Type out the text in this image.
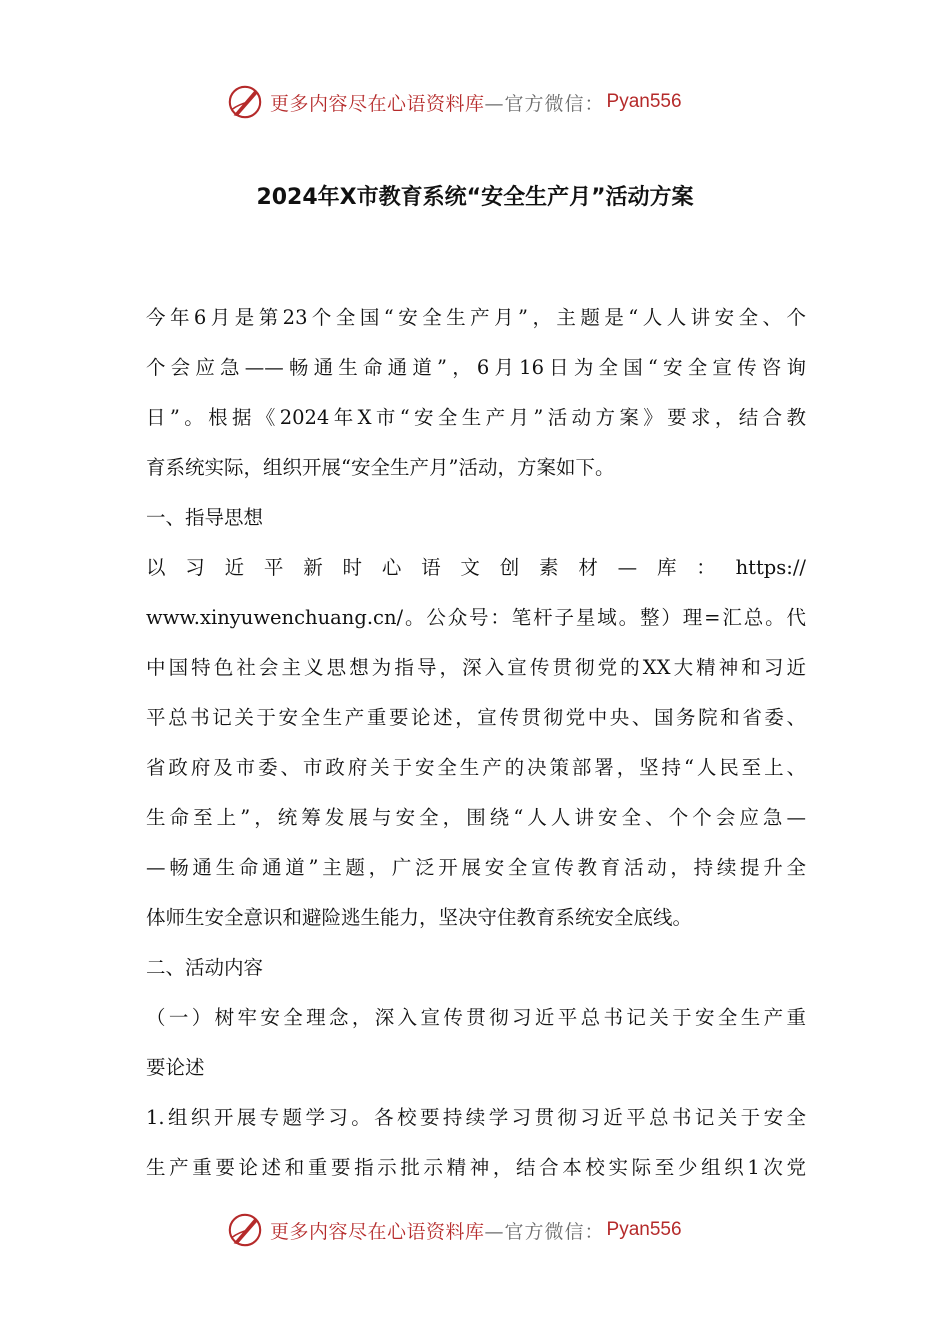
更多内容尽在心语资料库 —官方微信： Pyan556
2024年X市教育系统“安全生产月”活动方案
今年6月是第23个全国“安全生产月”，主题是“人人讲安全、个
个会应急——畅通生命通道”，6月16日为全国“安全宣传咨询
日”。根据《2024年X市“安全生产月”活动方案》要求，结合教
育系统实际，组织开展“安全生产月”活动，方案如下。
一、指导思想
以习近平新时心语文创素材—库：https://
www.xinyuwenchuang.cn/。公众号：笔杆子星域。整）理=汇总。代
中国特色社会主义思想为指导，深入宣传贯彻党的XX大精神和习近
平总书记关于安全生产重要论述，宣传贯彻党中央、国务院和省委、
省政府及市委、市政府关于安全生产的决策部署，坚持“人民至上、
生命至上”，统筹发展与安全，围绕“人人讲安全、个个会应急—
—畅通生命通道”主题，广泛开展安全宣传教育活动，持续提升全
体师生安全意识和避险逃生能力，坚决守住教育系统安全底线。
二、活动内容
（一）树牢安全理念，深入宣传贯彻习近平总书记关于安全生产重
要论述
1.组织开展专题学习。各校要持续学习贯彻习近平总书记关于安全
生产重要论述和重要指示批示精神，结合本校实际至少组织1次党
更多内容尽在心语资料库 —官方微信： Pyan556
